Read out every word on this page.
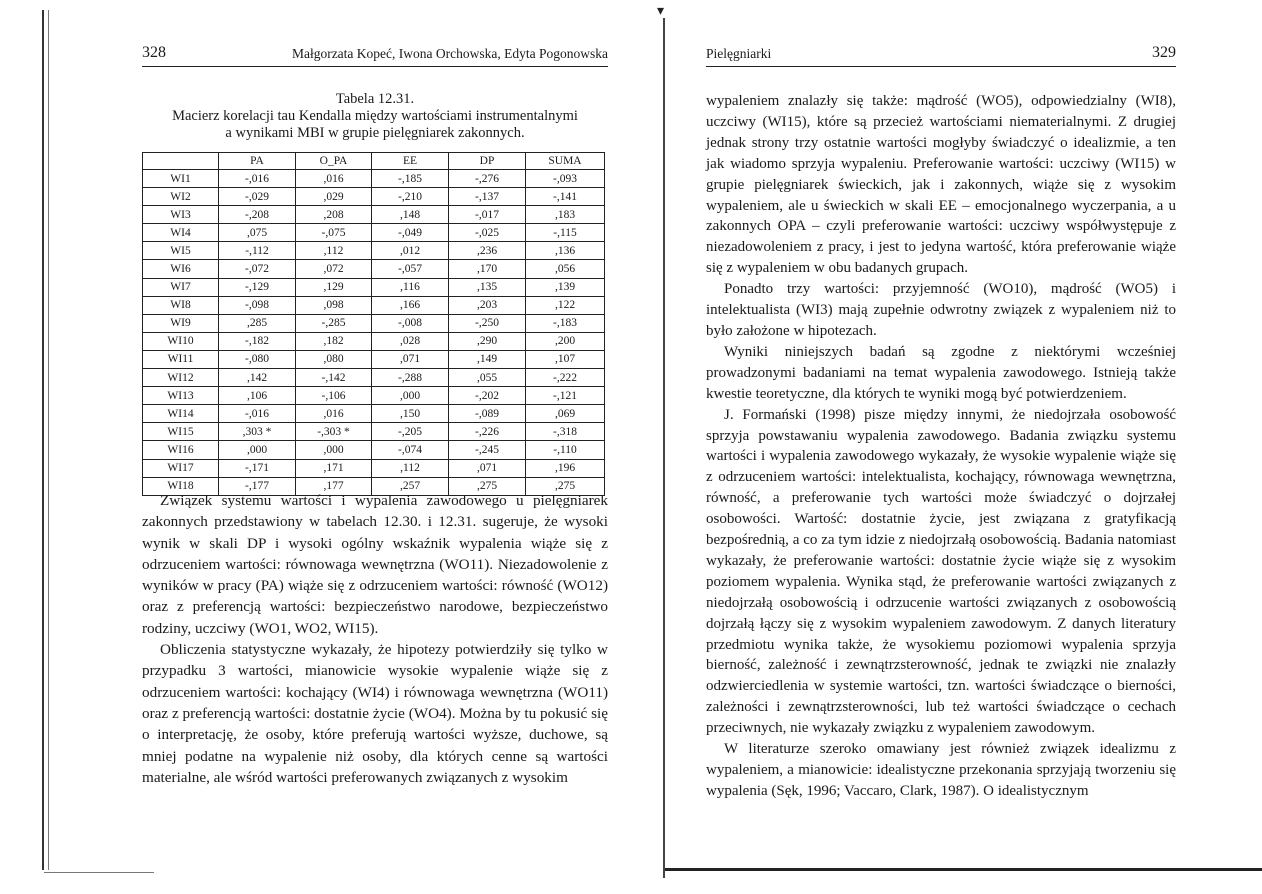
▾
328	Małgorzata Kopeć, Iwona Orchowska, Edyta Pogonowska
Tabela 12.31.
Macierz korelacji tau Kendalla między wartościami instrumentalnymi
a wynikami MBI w grupie pielęgniarek zakonnych.
	PA	O_PA	EE	DP	SUMA
WI1	-,016	,016	-,185	-,276	-,093
WI2	-,029	,029	-,210	-,137	-,141
WI3	-,208	,208	,148	-,017	,183
WI4	,075	-,075	-,049	-,025	-,115
WI5	-,112	,112	,012	,236	,136
WI6	-,072	,072	-,057	,170	,056
WI7	-,129	,129	,116	,135	,139
WI8	-,098	,098	,166	,203	,122
WI9	,285	-,285	-,008	-,250	-,183
WI10	-,182	,182	,028	,290	,200
WI11	-,080	,080	,071	,149	,107
WI12	,142	-,142	-,288	,055	-,222
WI13	,106	-,106	,000	-,202	-,121
WI14	-,016	,016	,150	-,089	,069
WI15	,303 *	-,303 *	-,205	-,226	-,318
WI16	,000	,000	-,074	-,245	-,110
WI17	-,171	,171	,112	,071	,196
WI18	-,177	,177	,257	,275	,275

Związek systemu wartości i wypalenia zawodowego u pielęgniarek zakonnych przedstawiony w tabelach 12.30. i 12.31. sugeruje, że wysoki wynik w skali DP i wysoki ogólny wskaźnik wypalenia wiąże się z odrzuceniem wartości: równowaga wewnętrzna (WO11). Niezadowolenie z wyników w pracy (PA) wiąże się z odrzuceniem wartości: równość (WO12) oraz z preferencją wartości: bezpieczeństwo narodowe, bezpieczeństwo rodziny, uczciwy (WO1, WO2, WI15).

Obliczenia statystyczne wykazały, że hipotezy potwierdziły się tylko w przypadku 3 wartości, mianowicie wysokie wypalenie wiąże się z odrzuceniem wartości: kochający (WI4) i równowaga wewnętrzna (WO11) oraz z preferencją wartości: dostatnie życie (WO4). Można by tu pokusić się o interpretację, że osoby, które preferują wartości wyższe, duchowe, są mniej podatne na wypalenie niż osoby, dla których cenne są wartości materialne, ale wśród wartości preferowanych związanych z wysokim

Pielęgniarki	329

wypaleniem znalazły się także: mądrość (WO5), odpowiedzialny (WI8), uczciwy (WI15), które są przecież wartościami niematerialnymi. Z drugiej jednak strony trzy ostatnie wartości mogłyby świadczyć o idealizmie, a ten jak wiadomo sprzyja wypaleniu. Preferowanie wartości: uczciwy (WI15) w grupie pielęgniarek świeckich, jak i zakonnych, wiąże się z wysokim wypaleniem, ale u świeckich w skali EE – emocjonalnego wyczerpania, a u zakonnych OPA – czyli preferowanie wartości: uczciwy współwystępuje z niezadowoleniem z pracy, i jest to jedyna wartość, która preferowanie wiąże się z wypaleniem w obu badanych grupach.

Ponadto trzy wartości: przyjemność (WO10), mądrość (WO5) i intelektualista (WI3) mają zupełnie odwrotny związek z wypaleniem niż to było założone w hipotezach.

Wyniki niniejszych badań są zgodne z niektórymi wcześniej prowadzonymi badaniami na temat wypalenia zawodowego. Istnieją także kwestie teoretyczne, dla których te wyniki mogą być potwierdzeniem.

J. Formański (1998) pisze między innymi, że niedojrzała osobowość sprzyja powstawaniu wypalenia zawodowego. Badania związku systemu wartości i wypalenia zawodowego wykazały, że wysokie wypalenie wiąże się z odrzuceniem wartości: intelektualista, kochający, równowaga wewnętrzna, równość, a preferowanie tych wartości może świadczyć o dojrzałej osobowości. Wartość: dostatnie życie, jest związana z gratyfikacją bezpośrednią, a co za tym idzie z niedojrzałą osobowością. Badania natomiast wykazały, że preferowanie wartości: dostatnie życie wiąże się z wysokim poziomem wypalenia. Wynika stąd, że preferowanie wartości związanych z niedojrzałą osobowością i odrzucenie wartości związanych z osobowością dojrzałą łączy się z wysokim wypaleniem zawodowym. Z danych literatury przedmiotu wynika także, że wysokiemu poziomowi wypalenia sprzyja bierność, zależność i zewnątrzsterowność, jednak te związki nie znalazły odzwierciedlenia w systemie wartości, tzn. wartości świadczące o bierności, zależności i zewnątrzsterowności, lub też wartości świadczące o cechach przeciwnych, nie wykazały związku z wypaleniem zawodowym.

W literaturze szeroko omawiany jest również związek idealizmu z wypaleniem, a mianowicie: idealistyczne przekonania sprzyjają tworzeniu się wypalenia (Sęk, 1996; Vaccaro, Clark, 1987). O idealistycznym
